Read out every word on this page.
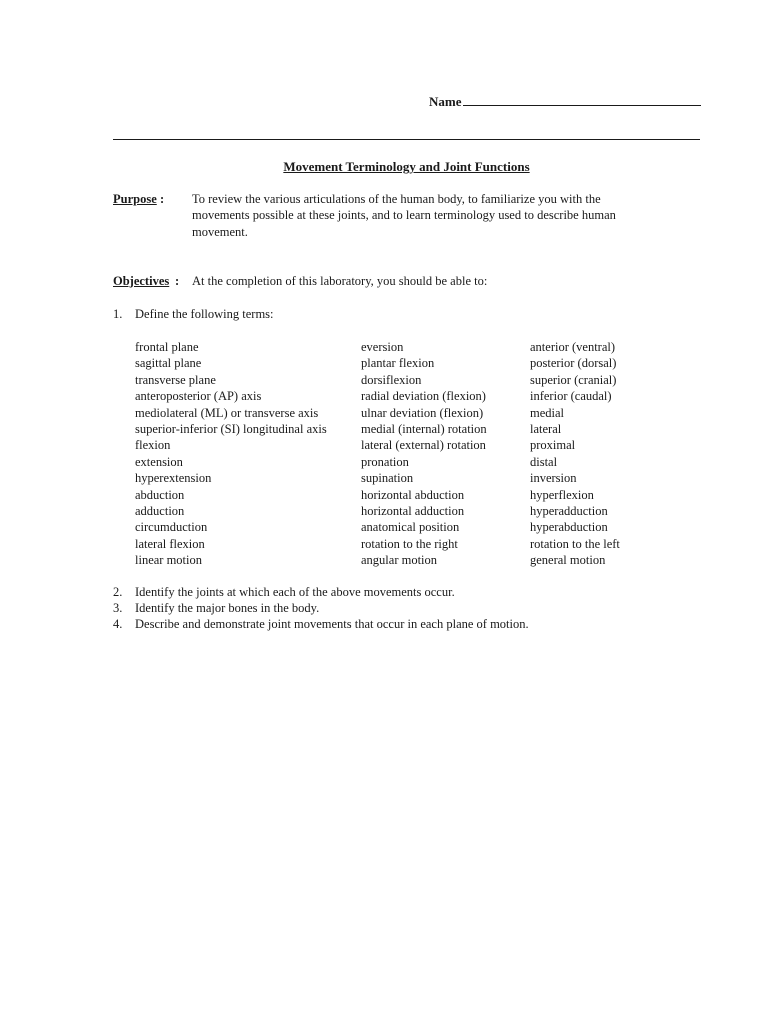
Name
Movement Terminology and Joint Functions
Purpose : To review the various articulations of the human body, to familiarize you with the
movements possible at these joints, and to learn terminology used to describe human
movement.
Objectives : At the completion of this laboratory, you should be able to:
1. Define the following terms:
frontal plane
sagittal plane
transverse plane
anteroposterior (AP) axis
mediolateral (ML) or transverse axis
superior-inferior (SI) longitudinal axis
flexion
extension
hyperextension
abduction
adduction
circumduction
lateral flexion
linear motion
eversion
plantar flexion
dorsiflexion
radial deviation (flexion)
ulnar deviation (flexion)
medial (internal) rotation
lateral (external) rotation
pronation
supination
horizontal abduction
horizontal adduction
anatomical position
rotation to the right
angular motion
anterior (ventral)
posterior (dorsal)
superior (cranial)
inferior (caudal)
medial
lateral
proximal
distal
inversion
hyperflexion
hyperadduction
hyperabduction
rotation to the left
general motion
2. Identify the joints at which each of the above movements occur.
3. Identify the major bones in the body.
4. Describe and demonstrate joint movements that occur in each plane of motion.
